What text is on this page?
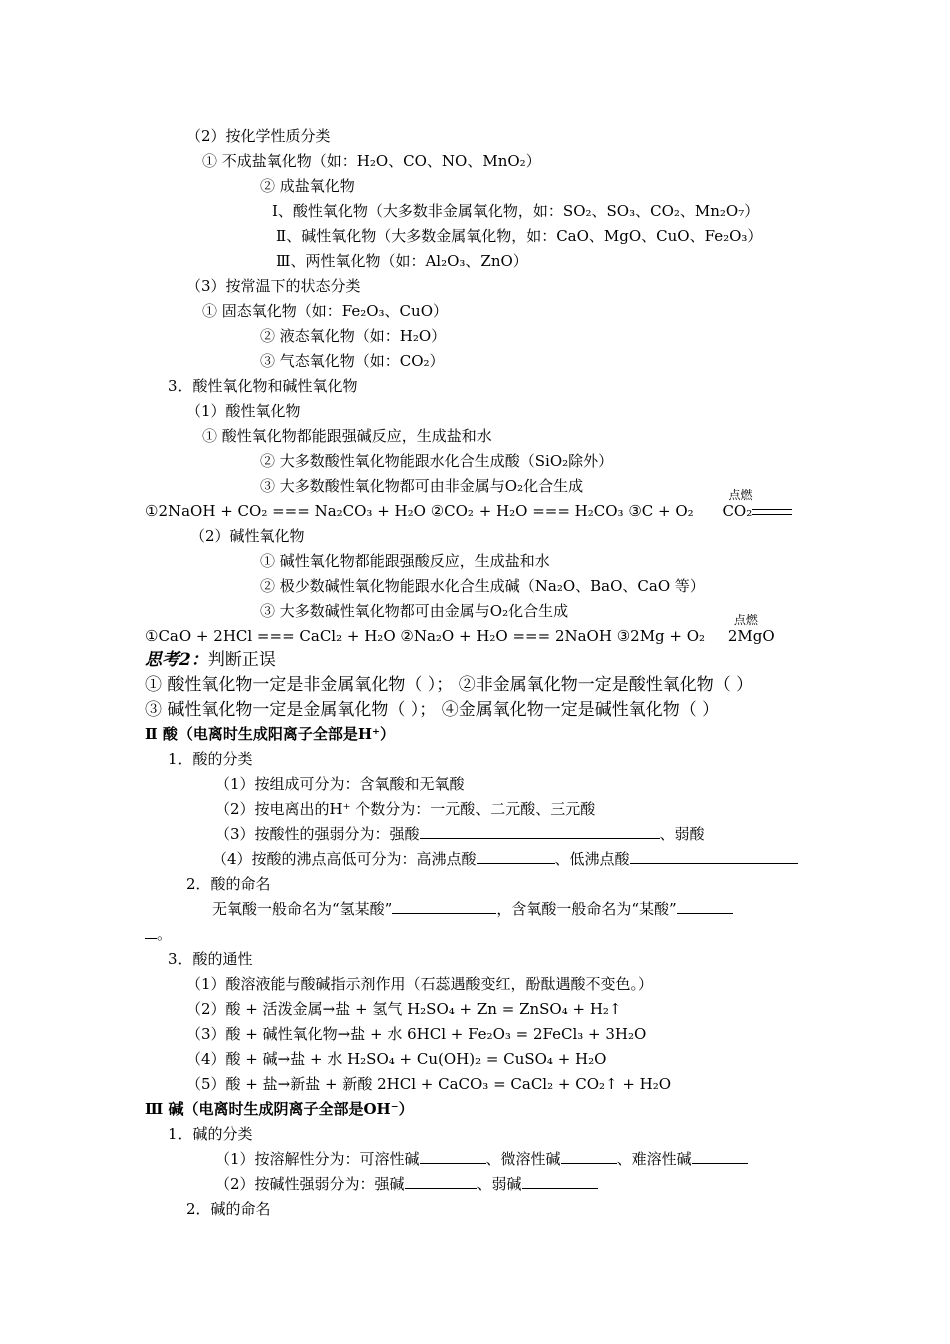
（2）按化学性质分类
① 不成盐氧化物（如：H₂O、CO、NO、MnO₂）
② 成盐氧化物
Ⅰ、酸性氧化物（大多数非金属氧化物，如：SO₂、SO₃、CO₂、Mn₂O₇）
Ⅱ、碱性氧化物（大多数金属氧化物，如：CaO、MgO、CuO、Fe₂O₃）
Ⅲ、两性氧化物（如：Al₂O₃、ZnO）
（3）按常温下的状态分类
① 固态氧化物（如：Fe₂O₃、CuO）
② 液态氧化物（如：H₂O）
③ 气态氧化物（如：CO₂）
3．酸性氧化物和碱性氧化物
（1）酸性氧化物
① 酸性氧化物都能跟强碱反应，生成盐和水
② 大多数酸性氧化物能跟水化合生成酸（SiO₂除外）
③ 大多数酸性氧化物都可由非金属与O₂化合生成
①2NaOH + CO₂ === Na₂CO₃ + H₂O ②CO₂ + H₂O === H₂CO₃ ③C + O₂ CO₂
点燃
（2）碱性氧化物
① 碱性氧化物都能跟强酸反应，生成盐和水
② 极少数碱性氧化物能跟水化合生成碱（Na₂O、BaO、CaO 等）
③ 大多数碱性氧化物都可由金属与O₂化合生成
①CaO + 2HCl === CaCl₂ + H₂O ②Na₂O + H₂O === 2NaOH ③2Mg + O₂ 2MgO
点燃
思考2：判断正误
① 酸性氧化物一定是非金属氧化物（ ）； ②非金属氧化物一定是酸性氧化物（ ）
③ 碱性氧化物一定是金属氧化物（ ）； ④金属氧化物一定是碱性氧化物（ ）
Ⅱ 酸（电离时生成阳离子全部是H⁺）
1．酸的分类
（1）按组成可分为：含氧酸和无氧酸
（2）按电离出的H⁺ 个数分为：一元酸、二元酸、三元酸
（3）按酸性的强弱分为：强酸	、弱酸
（4）按酸的沸点高低可分为：高沸点酸	、低沸点酸
2．酸的命名
无氧酸一般命名为“氢某酸”	，含氧酸一般命名为“某酸”
。
3．酸的通性
（1）酸溶液能与酸碱指示剂作用（石蕊遇酸变红，酚酞遇酸不变色。）
（2）酸 + 活泼金属→盐 + 氢气 H₂SO₄ + Zn = ZnSO₄ + H₂↑
（3）酸 + 碱性氧化物→盐 + 水 6HCl + Fe₂O₃ = 2FeCl₃ + 3H₂O
（4）酸 + 碱→盐 + 水 H₂SO₄ + Cu(OH)₂ = CuSO₄ + H₂O
（5）酸 + 盐→新盐 + 新酸 2HCl + CaCO₃ = CaCl₂ + CO₂↑ + H₂O
Ⅲ 碱（电离时生成阴离子全部是OH⁻）
1．碱的分类
（1）按溶解性分为：可溶性碱	、微溶性碱	、难溶性碱
（2）按碱性强弱分为：强碱	、弱碱
2．碱的命名
